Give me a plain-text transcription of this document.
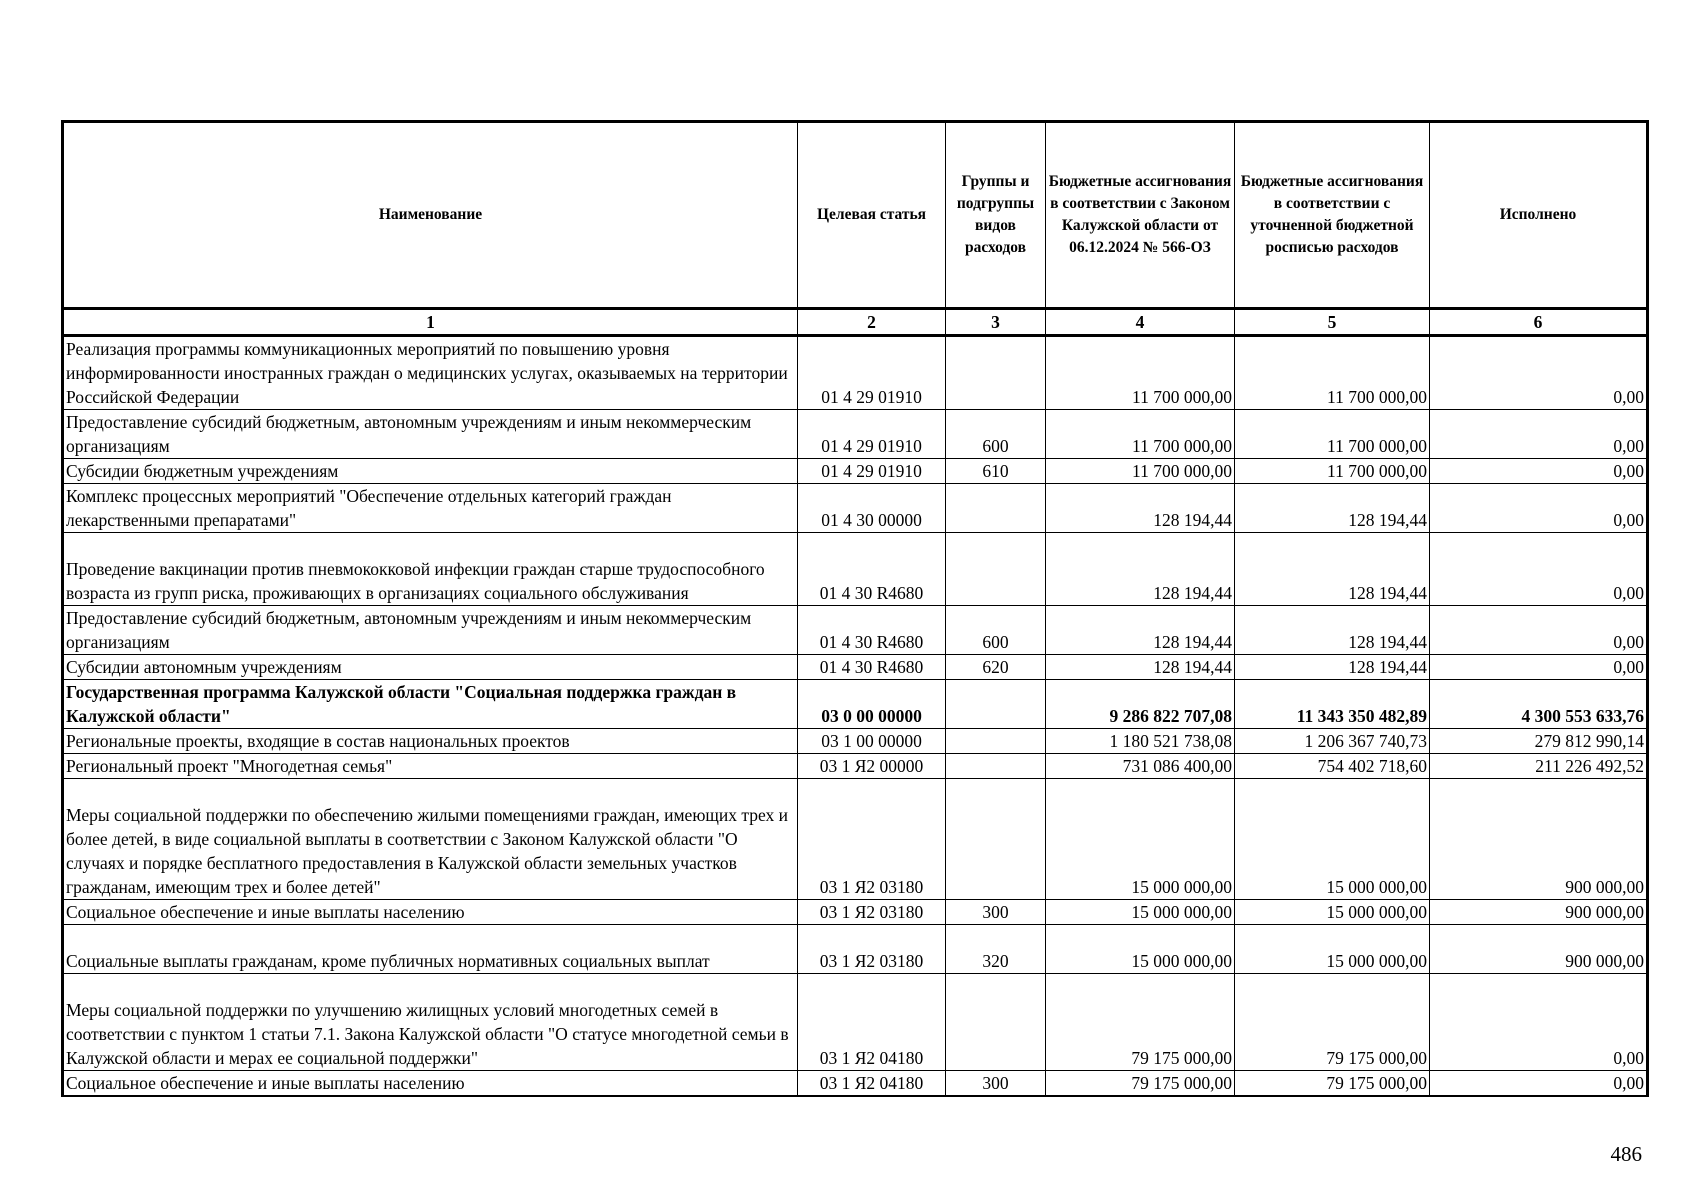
Наименование	Целевая статья	Группы и подгруппы видов расходов	Бюджетные ассигнования в соответствии с Законом Калужской области от 06.12.2024 № 566-ОЗ	Бюджетные ассигнования в соответствии с уточненной бюджетной росписью расходов	Исполнено
1	2	3	4	5	6
Реализация программы коммуникационных мероприятий по повышению уровня информированности иностранных граждан о медицинских услугах, оказываемых на территории Российской Федерации	01 4 29 01910		11 700 000,00	11 700 000,00	0,00
Предоставление субсидий бюджетным, автономным учреждениям и иным некоммерческим организациям	01 4 29 01910	600	11 700 000,00	11 700 000,00	0,00
Субсидии бюджетным учреждениям	01 4 29 01910	610	11 700 000,00	11 700 000,00	0,00
Комплекс процессных мероприятий "Обеспечение отдельных категорий граждан лекарственными препаратами"	01 4 30 00000		128 194,44	128 194,44	0,00
Проведение вакцинации против пневмококковой инфекции граждан старше трудоспособного возраста из групп риска, проживающих в организациях социального обслуживания	01 4 30 R4680		128 194,44	128 194,44	0,00
Предоставление субсидий бюджетным, автономным учреждениям и иным некоммерческим организациям	01 4 30 R4680	600	128 194,44	128 194,44	0,00
Субсидии автономным учреждениям	01 4 30 R4680	620	128 194,44	128 194,44	0,00
Государственная программа Калужской области "Социальная поддержка граждан в Калужской области"	03 0 00 00000		9 286 822 707,08	11 343 350 482,89	4 300 553 633,76
Региональные проекты, входящие в состав национальных проектов	03 1 00 00000		1 180 521 738,08	1 206 367 740,73	279 812 990,14
Региональный проект "Многодетная семья"	03 1 Я2 00000		731 086 400,00	754 402 718,60	211 226 492,52
Меры социальной поддержки по обеспечению жилыми помещениями граждан, имеющих трех и более детей, в виде социальной выплаты в соответствии с Законом Калужской области "О случаях и порядке бесплатного предоставления в Калужской области земельных участков гражданам, имеющим трех и более детей"	03 1 Я2 03180		15 000 000,00	15 000 000,00	900 000,00
Социальное обеспечение и иные выплаты населению	03 1 Я2 03180	300	15 000 000,00	15 000 000,00	900 000,00
Социальные выплаты гражданам, кроме публичных нормативных социальных выплат	03 1 Я2 03180	320	15 000 000,00	15 000 000,00	900 000,00
Меры социальной поддержки по улучшению жилищных условий многодетных семей в соответствии с пунктом 1 статьи 7.1. Закона Калужской области "О статусе многодетной семьи в Калужской области и мерах ее социальной поддержки"	03 1 Я2 04180		79 175 000,00	79 175 000,00	0,00
Социальное обеспечение и иные выплаты населению	03 1 Я2 04180	300	79 175 000,00	79 175 000,00	0,00
486
